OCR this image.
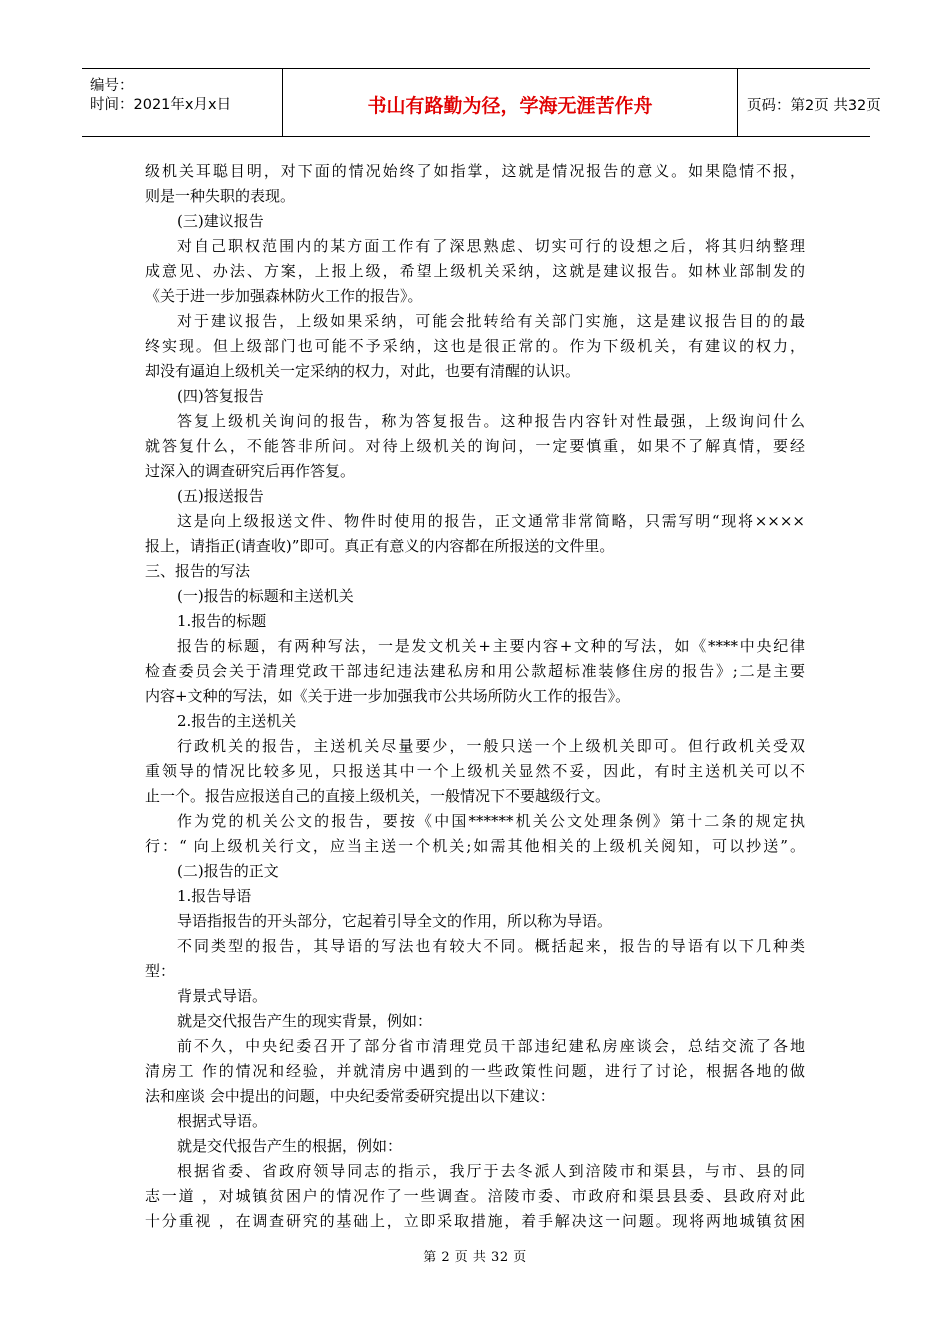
编号：
时间：2021年x月x日	书山有路勤为径，学海无涯苦作舟	页码：第2页 共32页
级机关耳聪目明，对下面的情况始终了如指掌，这就是情况报告的意义。如果隐情不报，
则是一种失职的表现。
(三)建议报告
对自己职权范围内的某方面工作有了深思熟虑、切实可行的设想之后，将其归纳整理
成意见、办法、方案，上报上级，希望上级机关采纳，这就是建议报告。如林业部制发的
《关于进一步加强森林防火工作的报告》。
对于建议报告，上级如果采纳，可能会批转给有关部门实施，这是建议报告目的的最
终实现。但上级部门也可能不予采纳，这也是很正常的。作为下级机关，有建议的权力，
却没有逼迫上级机关一定采纳的权力，对此，也要有清醒的认识。
(四)答复报告
答复上级机关询问的报告，称为答复报告。这种报告内容针对性最强，上级询问什么
就答复什么，不能答非所问。对待上级机关的询问，一定要慎重，如果不了解真情，要经
过深入的调查研究后再作答复。
(五)报送报告
这是向上级报送文件、物件时使用的报告，正文通常非常简略，只需写明“现将××××
报上，请指正(请查收)”即可。真正有意义的内容都在所报送的文件里。
三、报告的写法
(一)报告的标题和主送机关
1.报告的标题
报告的标题，有两种写法，一是发文机关+主要内容+文种的写法，如《****中央纪律
检查委员会关于清理党政干部违纪违法建私房和用公款超标准装修住房的报告》;二是主要
内容+文种的写法，如《关于进一步加强我市公共场所防火工作的报告》。
2.报告的主送机关
行政机关的报告，主送机关尽量要少，一般只送一个上级机关即可。但行政机关受双
重领导的情况比较多见，只报送其中一个上级机关显然不妥，因此，有时主送机关可以不
止一个。报告应报送自己的直接上级机关，一般情况下不要越级行文。
作为党的机关公文的报告，要按《中国******机关公文处理条例》第十二条的规定执
行：“ 向上级机关行文，应当主送一个机关;如需其他相关的上级机关阅知，可以抄送”。
(二)报告的正文
1.报告导语
导语指报告的开头部分，它起着引导全文的作用，所以称为导语。
不同类型的报告，其导语的写法也有较大不同。概括起来，报告的导语有以下几种类
型：
背景式导语。
就是交代报告产生的现实背景，例如：
前不久，中央纪委召开了部分省市清理党员干部违纪建私房座谈会，总结交流了各地
清房工 作的情况和经验，并就清房中遇到的一些政策性问题，进行了讨论，根据各地的做
法和座谈 会中提出的问题，中央纪委常委研究提出以下建议：
根据式导语。
就是交代报告产生的根据，例如：
根据省委、省政府领导同志的指示，我厅于去冬派人到涪陵市和渠县，与市、县的同
志一道 ，对城镇贫困户的情况作了一些调查。涪陵市委、市政府和渠县县委、县政府对此
十分重视 ，在调查研究的基础上，立即采取措施，着手解决这一问题。现将两地城镇贫困
第 2 页 共 32 页
